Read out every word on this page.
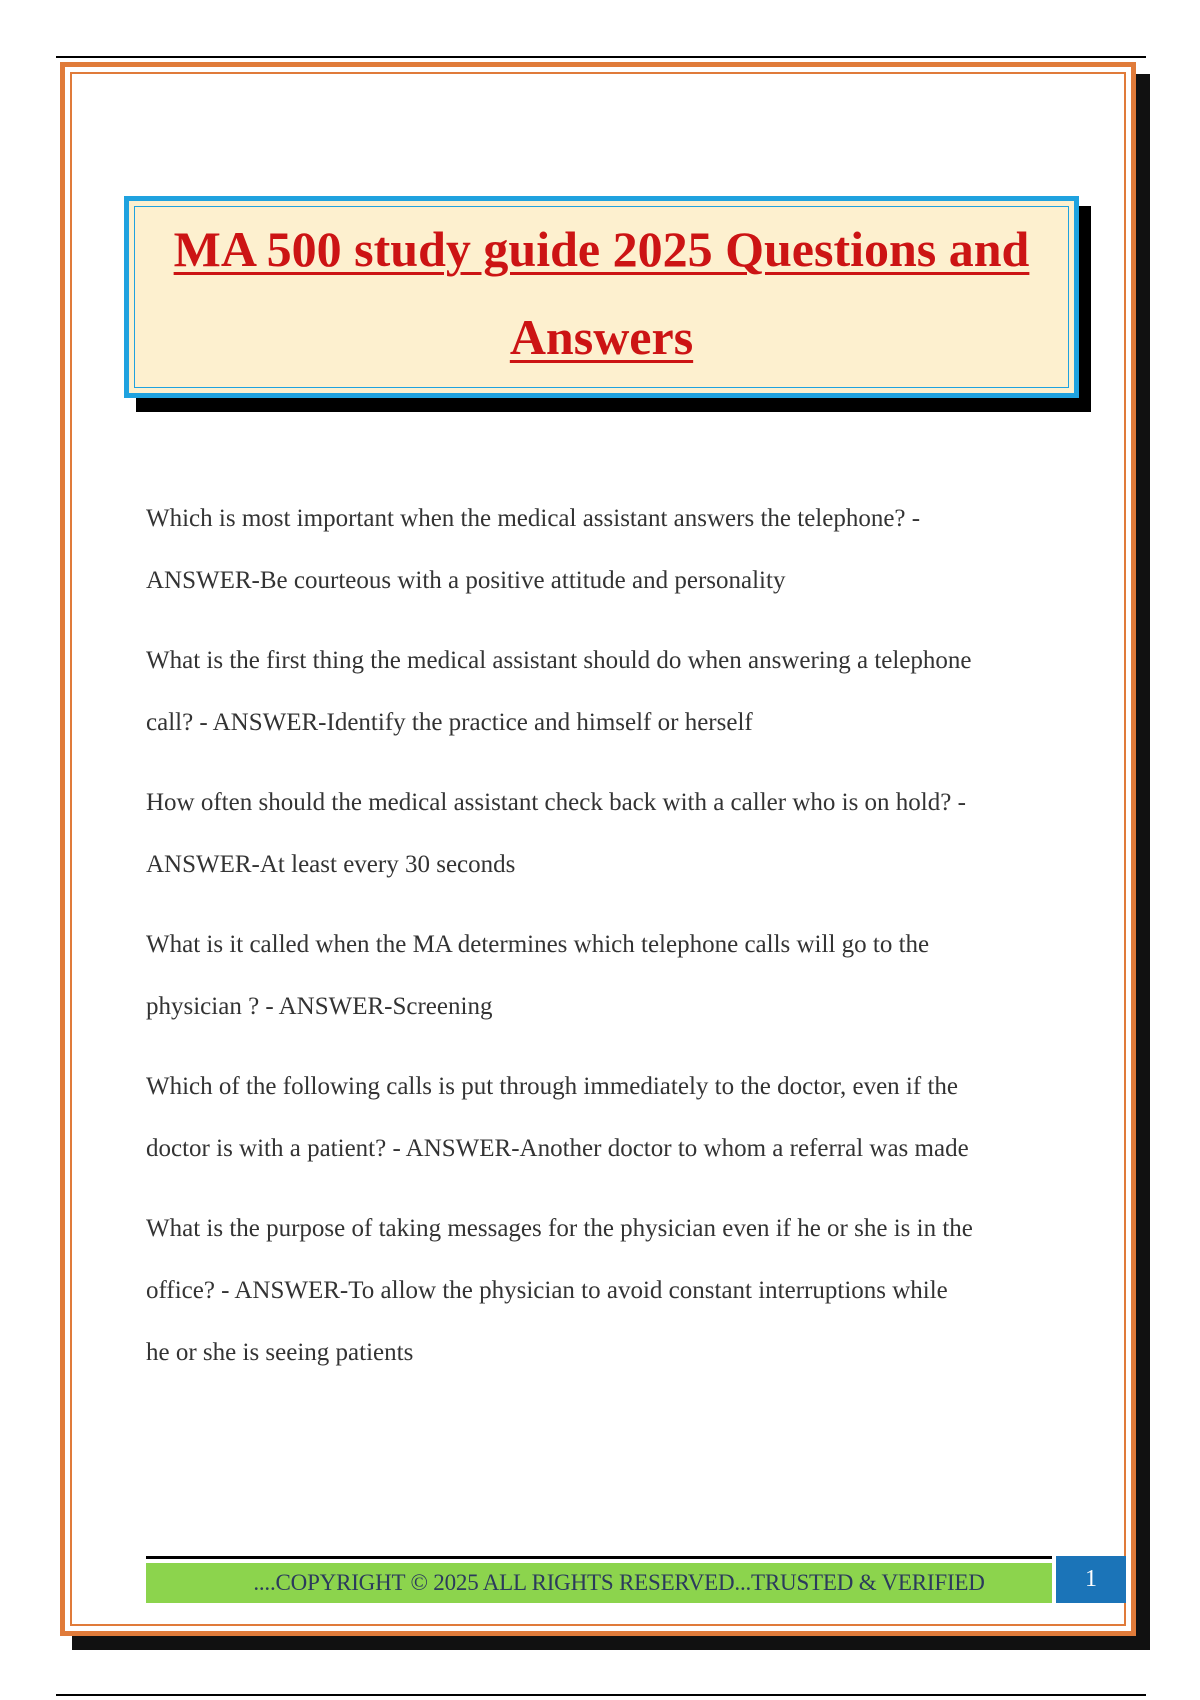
MA 500 study guide 2025 Questions and
Answers

Which is most important when the medical assistant answers the telephone? -
ANSWER-Be courteous with a positive attitude and personality

What is the first thing the medical assistant should do when answering a telephone
call? - ANSWER-Identify the practice and himself or herself

How often should the medical assistant check back with a caller who is on hold? -
ANSWER-At least every 30 seconds

What is it called when the MA determines which telephone calls will go to the
physician ? - ANSWER-Screening

Which of the following calls is put through immediately to the doctor, even if the
doctor is with a patient? - ANSWER-Another doctor to whom a referral was made

What is the purpose of taking messages for the physician even if he or she is in the
office? - ANSWER-To allow the physician to avoid constant interruptions while
he or she is seeing patients

....COPYRIGHT © 2025 ALL RIGHTS RESERVED...TRUSTED & VERIFIED	1
